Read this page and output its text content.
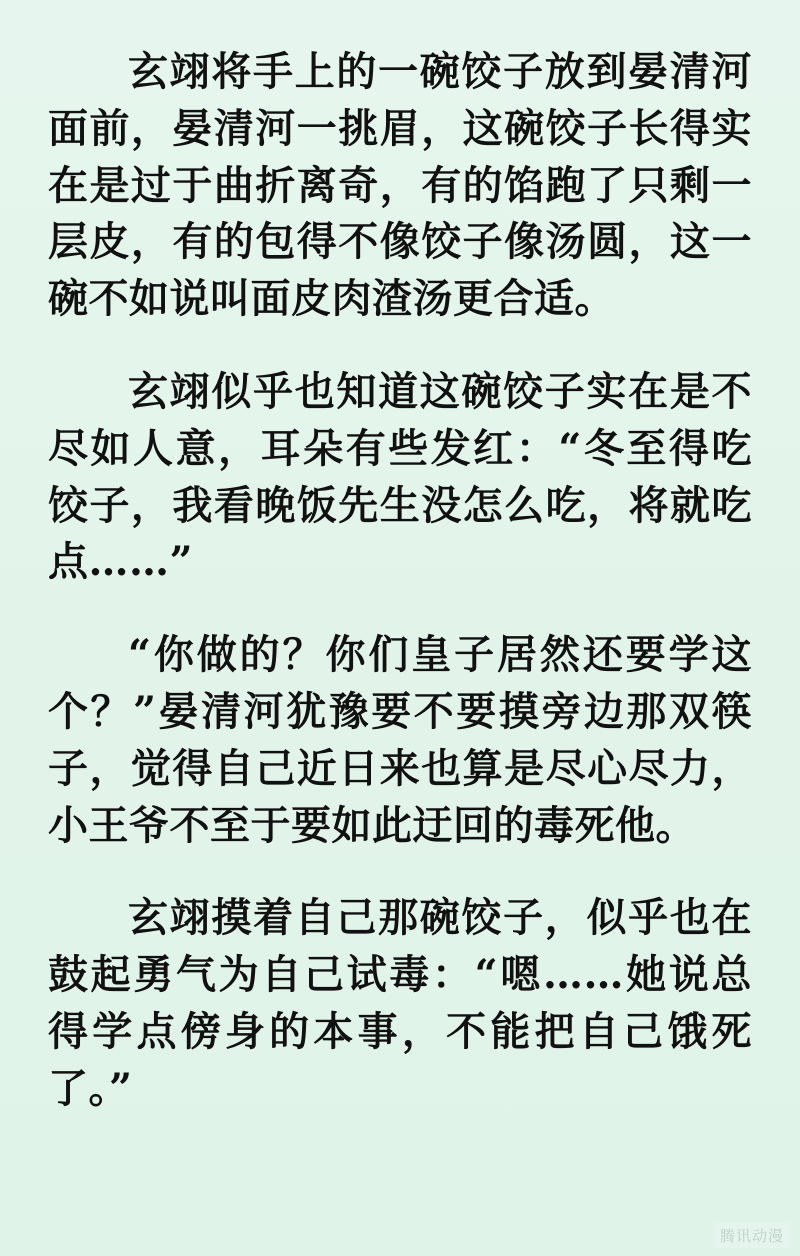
玄翊将手上的一碗饺子放到晏清河面前，晏清河一挑眉，这碗饺子长得实在是过于曲折离奇，有的馅跑了只剩一层皮，有的包得不像饺子像汤圆，这一碗不如说叫面皮肉渣汤更合适。

玄翊似乎也知道这碗饺子实在是不尽如人意，耳朵有些发红：“冬至得吃饺子，我看晚饭先生没怎么吃，将就吃点……”

“你做的？你们皇子居然还要学这个？”晏清河犹豫要不要摸旁边那双筷子，觉得自己近日来也算是尽心尽力，小王爷不至于要如此迂回的毒死他。

玄翊摸着自己那碗饺子，似乎也在鼓起勇气为自己试毒：“嗯……她说总得学点傍身的本事，不能把自己饿死了。”

腾讯动漫
